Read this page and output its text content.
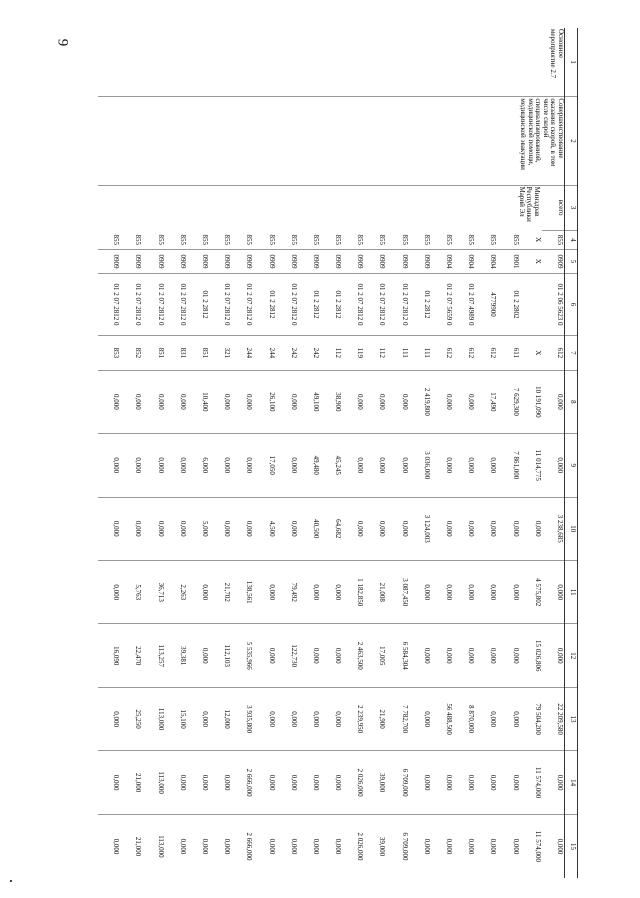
9
1	2	3	4	5	6	7	8	9	10	11	12	13	14	15
Основное мероприятие 2.7	Совершенствование оказания скорой, в том числе скорой специализированной, медицинской помощи, медицинской эвакуации	всего
Минздрав Республики Марий Эл	855	0909	01 2 06 5623 0	612	0,000	0,000	3 238,685	0,000	0,000	22 209,580	0,000	0,000
			Х	Х		Х	10 191,090	11 014,775	0,000	4 575,802	15 026,806	79 504,200	11 574,000	11 574,000
			855	0901	01 2 2802	611	7 629,300	7 861,000	0,000	0,000	0,000	0,000	0,000	0,000
			855	0904	4779900	612	17,490	0,000	0,000	0,000	0,000	0,000	0,000	0,000
			855	0904	01 2 07 4989 0	612	0,000	0,000	0,000	0,000	0,000	8 870,000	0,000	0,000
			855	0904	01 2 07 5659 0	612	0,000	0,000	0,000	0,000	0,000	56 488,500	0,000	0,000
			855	0909	01 2 2812	111	2 419,800	3 036,000	3 124,003	0,000	0,000	0,000	0,000	0,000
			855	0909	01 2 07 2812 0	111	0,000	0,000	0,000	3 087,450	6 584,304	7 782,700	6 709,000	6 709,000
			855	0909	01 2 07 2812 0	112	0,000	0,000	0,000	21,008	17,005	21,900	39,000	39,000
			855	0909	01 2 07 2812 0	119	0,000	0,000	0,000	1 182,850	2 463,500	2 239,950	2 026,000	2 026,000
			855	0909	01 2 2812	112	38,900	45,245	64,682	0,000	0,000	0,000	0,000	0,000
			855	0909	01 2 2812	242	49,100	49,480	40,500	0,000	0,000	0,000	0,000	0,000
			855	0909	01 2 07 2812 0	242	0,000	0,000	0,000	79,492	122,730	0,000	0,000	0,000
			855	0909	01 2 2812	244	26,100	17,050	4,500	0,000	0,000	0,000	0,000	0,000
			855	0909	01 2 07 2812 0	244	0,000	0,000	0,000	138,561	5 535,966	3 935,800	2 666,000	2 666,000
			855	0909	01 2 07 2812 0	321	0,000	0,000	0,000	21,702	112,103	12,000	0,000	0,000
			855	0909	01 2 2812	851	10,400	6,000	5,000	0,000	0,000	0,000	0,000	0,000
			855	0909	01 2 07 2812 0	831	0,000	0,000	0,000	2,263	39,381	15,100	0,000	0,000
			855	0909	01 2 07 2812 0	851	0,000	0,000	0,000	36,713	113,257	113,000	113,000	113,000
			855	0909	01 2 07 2812 0	852	0,000	0,000	0,000	5,763	22,470	25,250	21,000	21,000
			855	0909	01 2 07 2812 0	853	0,000	0,000	0,000	0,000	16,090	0,000	0,000	0,000
